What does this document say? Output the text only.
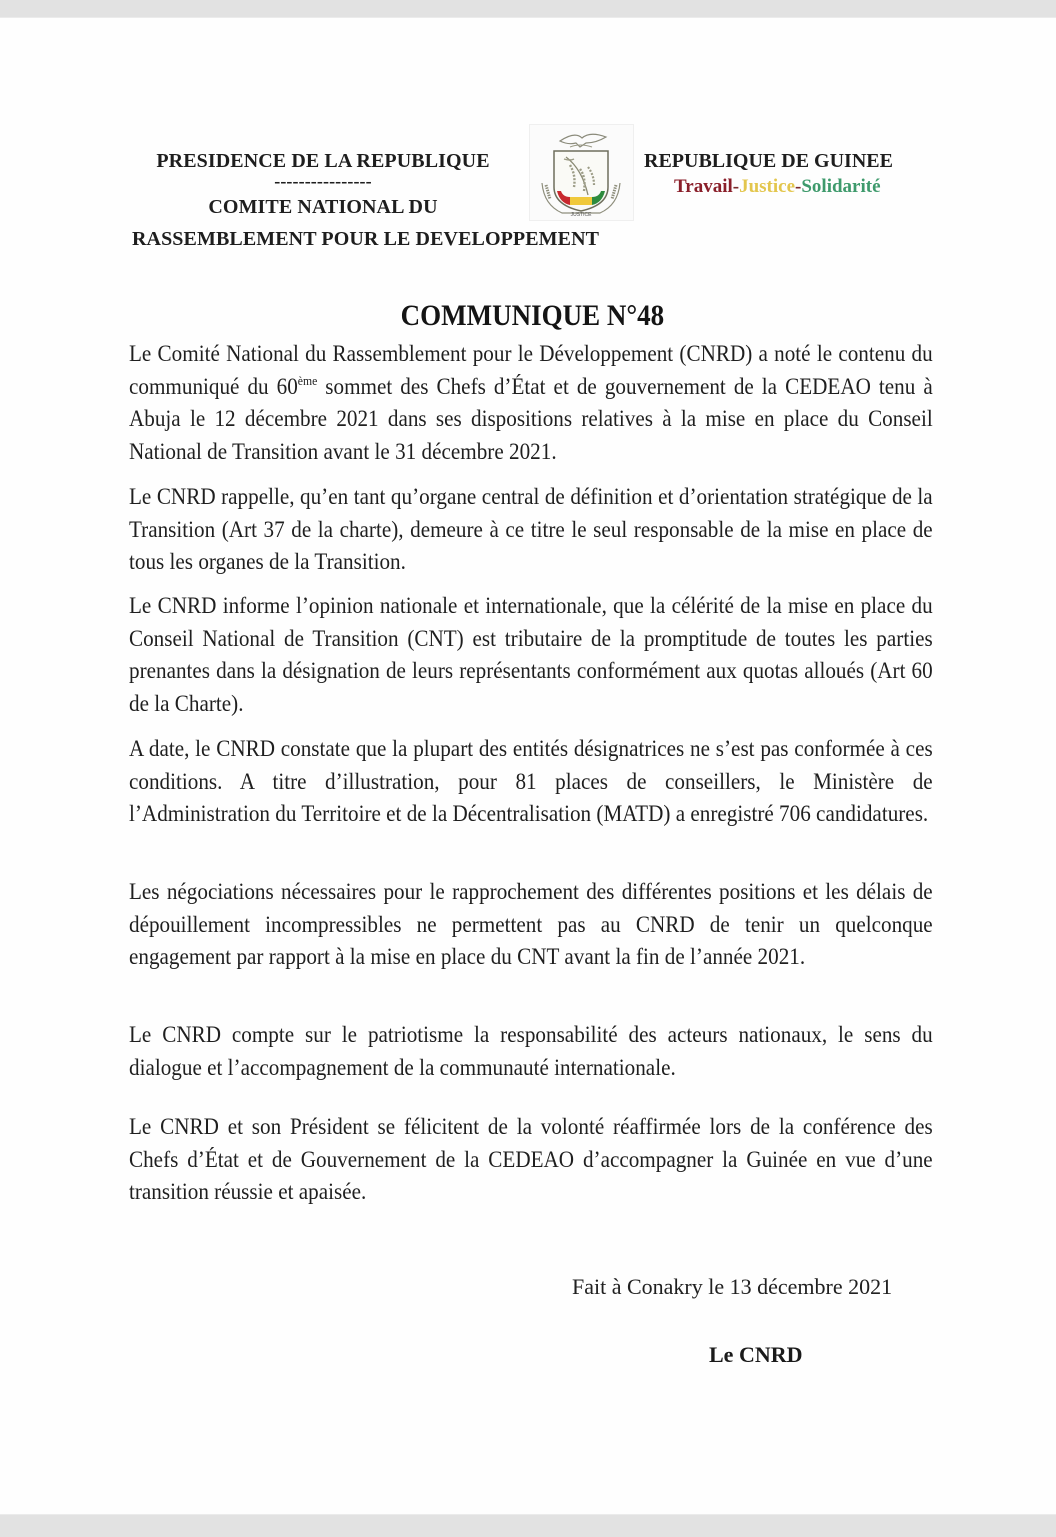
PRESIDENCE DE LA REPUBLIQUE
----------------
COMITE NATIONAL DU
RASSEMBLEMENT POUR LE DEVELOPPEMENT
JUSTICE
REPUBLIQUE DE GUINEE
Travail-Justice-Solidarité
COMMUNIQUE N°48

Le Comité National du Rassemblement pour le Développement (CNRD) a noté le contenu du communiqué du 60ème sommet des Chefs d’État et de gouvernement de la CEDEAO tenu à Abuja le 12 décembre 2021 dans ses dispositions relatives à la mise en place du Conseil National de Transition avant le 31 décembre 2021.

Le CNRD rappelle, qu’en tant qu’organe central de définition et d’orientation stratégique de la Transition (Art 37 de la charte), demeure à ce titre le seul responsable de la mise en place de tous les organes de la Transition.

Le CNRD informe l’opinion nationale et internationale, que la célérité de la mise en place du Conseil National de Transition (CNT) est tributaire de la promptitude de toutes les parties prenantes dans la désignation de leurs représentants conformément aux quotas alloués (Art 60 de la Charte).

A date, le CNRD constate que la plupart des entités désignatrices ne s’est pas conformée à ces conditions. A titre d’illustration, pour 81 places de conseillers, le Ministère de l’Administration du Territoire et de la Décentralisation (MATD) a enregistré 706 candidatures.

Les négociations nécessaires pour le rapprochement des différentes positions et les délais de dépouillement incompressibles ne permettent pas au CNRD de tenir un quelconque engagement par rapport à la mise en place du CNT avant la fin de l’année 2021.

Le CNRD compte sur le patriotisme la responsabilité des acteurs nationaux, le sens du dialogue et l’accompagnement de la communauté internationale.

Le CNRD et son Président se félicitent de la volonté réaffirmée lors de la conférence des Chefs d’État et de Gouvernement de la CEDEAO d’accompagner la Guinée en vue d’une transition réussie et apaisée.

Fait à Conakry le 13 décembre 2021
Le CNRD
